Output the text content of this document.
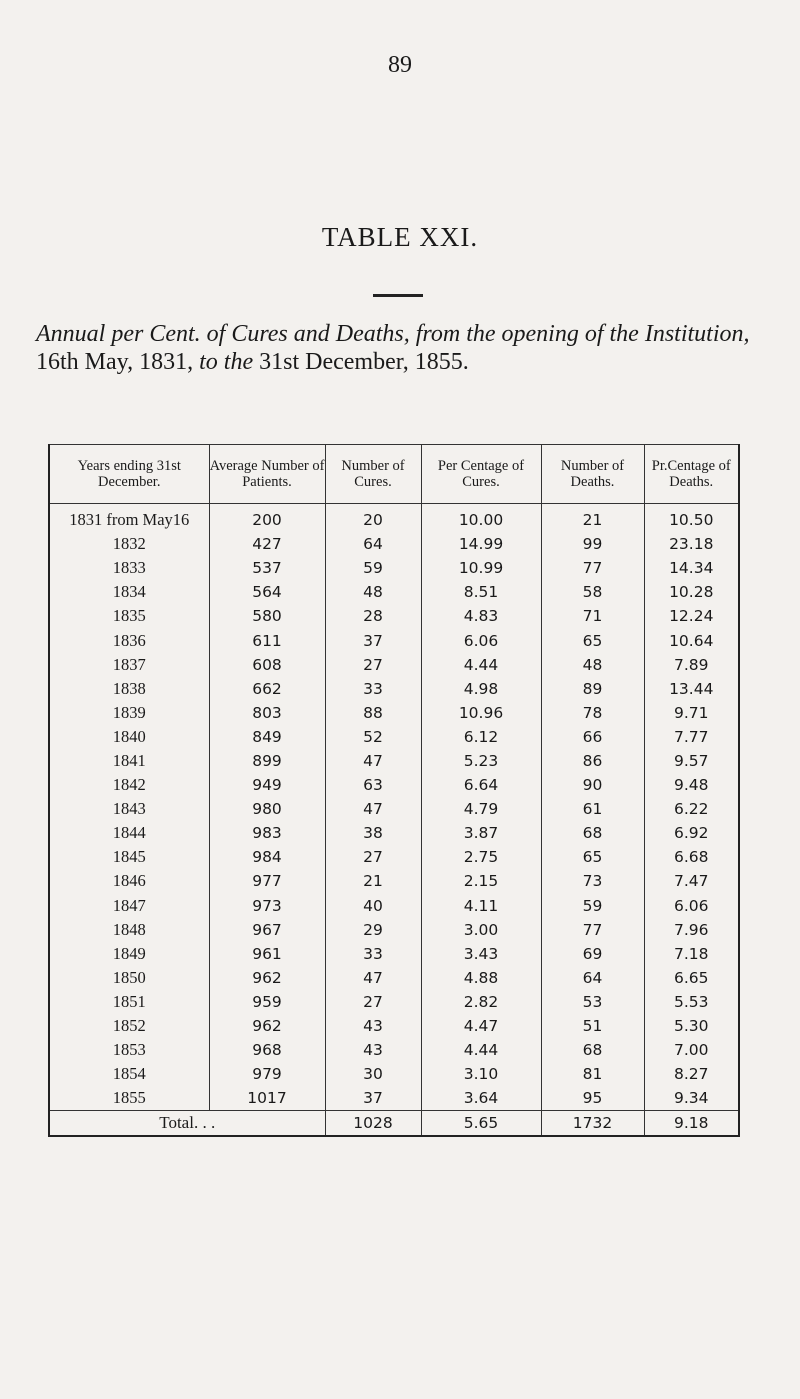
89
TABLE XXI.
Annual per Cent. of Cures and Deaths, from the opening of the Institution, 16th May, 1831, to the 31st December, 1855.
Years ending 31st December.	Average Number of Patients.	Number of Cures.	Per Centage of Cures.	Number of Deaths.	Pr.Centage of Deaths.
1831 from May16	200	20	10.00	21	10.50
1832	427	64	14.99	99	23.18
1833	537	59	10.99	77	14.34
1834	564	48	8.51	58	10.28
1835	580	28	4.83	71	12.24
1836	611	37	6.06	65	10.64
1837	608	27	4.44	48	7.89
1838	662	33	4.98	89	13.44
1839	803	88	10.96	78	9.71
1840	849	52	6.12	66	7.77
1841	899	47	5.23	86	9.57
1842	949	63	6.64	90	9.48
1843	980	47	4.79	61	6.22
1844	983	38	3.87	68	6.92
1845	984	27	2.75	65	6.68
1846	977	21	2.15	73	7.47
1847	973	40	4.11	59	6.06
1848	967	29	3.00	77	7.96
1849	961	33	3.43	69	7.18
1850	962	47	4.88	64	6.65
1851	959	27	2.82	53	5.53
1852	962	43	4.47	51	5.30
1853	968	43	4.44	68	7.00
1854	979	30	3.10	81	8.27
1855	1017	37	3.64	95	9.34
Total. . .		1028	5.65	1732	9.18
